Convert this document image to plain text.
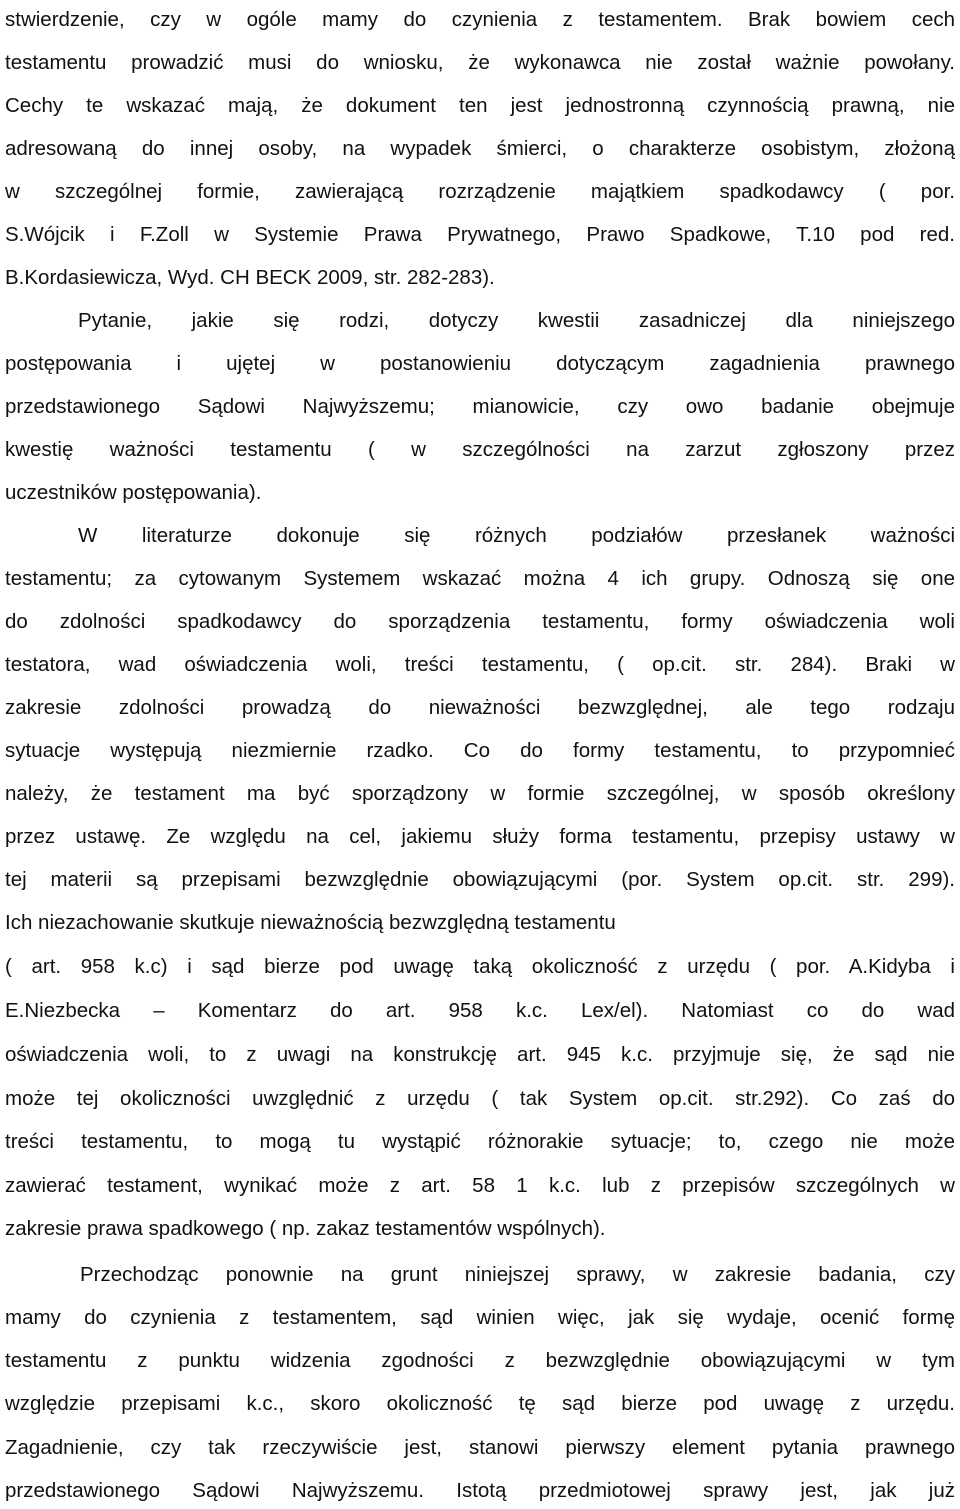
stwierdzenie, czy w ogóle mamy do czynienia z testamentem. Brak bowiem cech
testamentu prowadzić musi do wniosku, że wykonawca nie został ważnie powołany.
Cechy te wskazać mają, że dokument ten jest jednostronną czynnością prawną, nie
adresowaną do innej osoby, na wypadek śmierci, o charakterze osobistym, złożoną
w szczególnej formie, zawierającą rozrządzenie majątkiem spadkodawcy ( por.
S.Wójcik i F.Zoll w Systemie Prawa Prywatnego, Prawo Spadkowe, T.10 pod red.
B.Kordasiewicza, Wyd. CH BECK 2009, str. 282-283).
Pytanie, jakie się rodzi, dotyczy kwestii zasadniczej dla niniejszego
postępowania i ujętej w postanowieniu dotyczącym zagadnienia prawnego
przedstawionego Sądowi Najwyższemu; mianowicie, czy owo badanie obejmuje
kwestię ważności testamentu ( w szczególności na zarzut zgłoszony przez
uczestników postępowania).
W literaturze dokonuje się różnych podziałów przesłanek ważności
testamentu; za cytowanym Systemem wskazać można 4 ich grupy. Odnoszą się one
do zdolności spadkodawcy do sporządzenia testamentu, formy oświadczenia woli
testatora, wad oświadczenia woli, treści testamentu, ( op.cit. str. 284). Braki w
zakresie zdolności prowadzą do nieważności bezwzględnej, ale tego rodzaju
sytuacje występują niezmiernie rzadko. Co do formy testamentu, to przypomnieć
należy, że testament ma być sporządzony w formie szczególnej, w sposób określony
przez ustawę. Ze względu na cel, jakiemu służy forma testamentu, przepisy ustawy w
tej materii są przepisami bezwzględnie obowiązującymi (por. System op.cit. str. 299).
Ich niezachowanie skutkuje nieważnością bezwzględną testamentu
( art. 958 k.c) i sąd bierze pod uwagę taką okoliczność z urzędu ( por. A.Kidyba i
E.Niezbecka – Komentarz do art. 958 k.c. Lex/el). Natomiast co do wad
oświadczenia woli, to z uwagi na konstrukcję art. 945 k.c. przyjmuje się, że sąd nie
może tej okoliczności uwzględnić z urzędu ( tak System op.cit. str.292). Co zaś do
treści testamentu, to mogą tu wystąpić różnorakie sytuacje; to, czego nie może
zawierać testament, wynikać może z art. 58 1 k.c. lub z przepisów szczególnych w
zakresie prawa spadkowego ( np. zakaz testamentów wspólnych).
Przechodząc ponownie na grunt niniejszej sprawy, w zakresie badania, czy
mamy do czynienia z testamentem, sąd winien więc, jak się wydaje, ocenić formę
testamentu z punktu widzenia zgodności z bezwzględnie obowiązującymi w tym
względzie przepisami k.c., skoro okoliczność tę sąd bierze pod uwagę z urzędu.
Zagadnienie, czy tak rzeczywiście jest, stanowi pierwszy element pytania prawnego
przedstawionego Sądowi Najwyższemu. Istotą przedmiotowej sprawy jest, jak już
